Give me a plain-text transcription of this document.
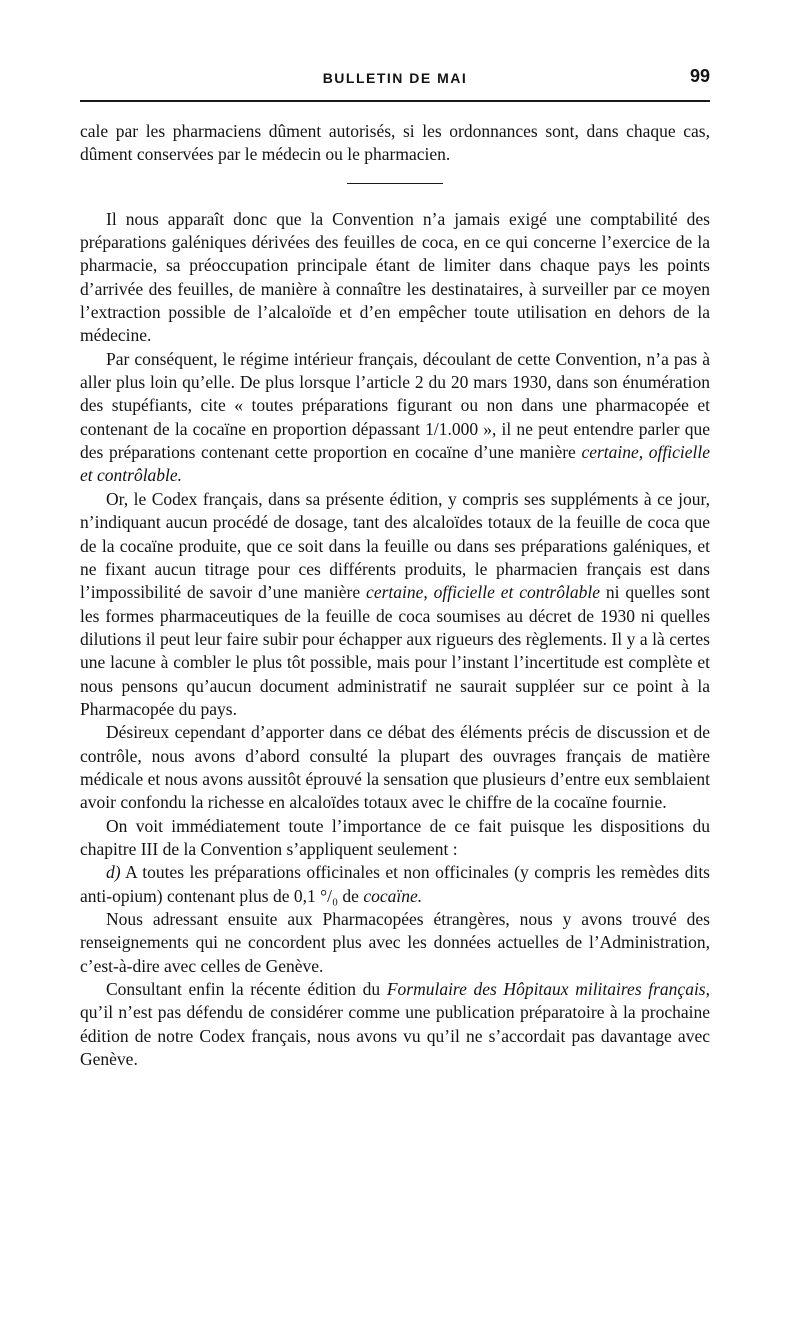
BULLETIN DE MAI	99

cale par les pharmaciens dûment autorisés, si les ordonnances sont, dans chaque cas, dûment conservées par le médecin ou le pharmacien.

Il nous apparaît donc que la Convention n’a jamais exigé une comptabilité des préparations galéniques dérivées des feuilles de coca, en ce qui concerne l’exercice de la pharmacie, sa préoccupation principale étant de limiter dans chaque pays les points d’arrivée des feuilles, de manière à connaître les destinataires, à surveiller par ce moyen l’extraction possible de l’alcaloïde et d’en empêcher toute utilisation en dehors de la médecine.

Par conséquent, le régime intérieur français, découlant de cette Convention, n’a pas à aller plus loin qu’elle. De plus lorsque l’article 2 du 20 mars 1930, dans son énumération des stupéfiants, cite « toutes préparations figurant ou non dans une pharmacopée et contenant de la cocaïne en proportion dépassant 1/1.000 », il ne peut entendre parler que des préparations contenant cette proportion en cocaïne d’une manière certaine, officielle et contrôlable.

Or, le Codex français, dans sa présente édition, y compris ses suppléments à ce jour, n’indiquant aucun procédé de dosage, tant des alcaloïdes totaux de la feuille de coca que de la cocaïne produite, que ce soit dans la feuille ou dans ses préparations galéniques, et ne fixant aucun titrage pour ces différents produits, le pharmacien français est dans l’impossibilité de savoir d’une manière certaine, officielle et contrôlable ni quelles sont les formes pharmaceutiques de la feuille de coca soumises au décret de 1930 ni quelles dilutions il peut leur faire subir pour échapper aux rigueurs des règlements. Il y a là certes une lacune à combler le plus tôt possible, mais pour l’instant l’incertitude est complète et nous pensons qu’aucun document administratif ne saurait suppléer sur ce point à la Pharmacopée du pays.

Désireux cependant d’apporter dans ce débat des éléments précis de discussion et de contrôle, nous avons d’abord consulté la plupart des ouvrages français de matière médicale et nous avons aussitôt éprouvé la sensation que plusieurs d’entre eux semblaient avoir confondu la richesse en alcaloïdes totaux avec le chiffre de la cocaïne fournie.

On voit immédiatement toute l’importance de ce fait puisque les dispositions du chapitre III de la Convention s’appliquent seulement :

d) A toutes les préparations officinales et non officinales (y compris les remèdes dits anti-opium) contenant plus de 0,1 °/₀ de cocaïne.

Nous adressant ensuite aux Pharmacopées étrangères, nous y avons trouvé des renseignements qui ne concordent plus avec les données actuelles de l’Administration, c’est-à-dire avec celles de Genève.

Consultant enfin la récente édition du Formulaire des Hôpitaux militaires français, qu’il n’est pas défendu de considérer comme une publication préparatoire à la prochaine édition de notre Codex français, nous avons vu qu’il ne s’accordait pas davantage avec Genève.
